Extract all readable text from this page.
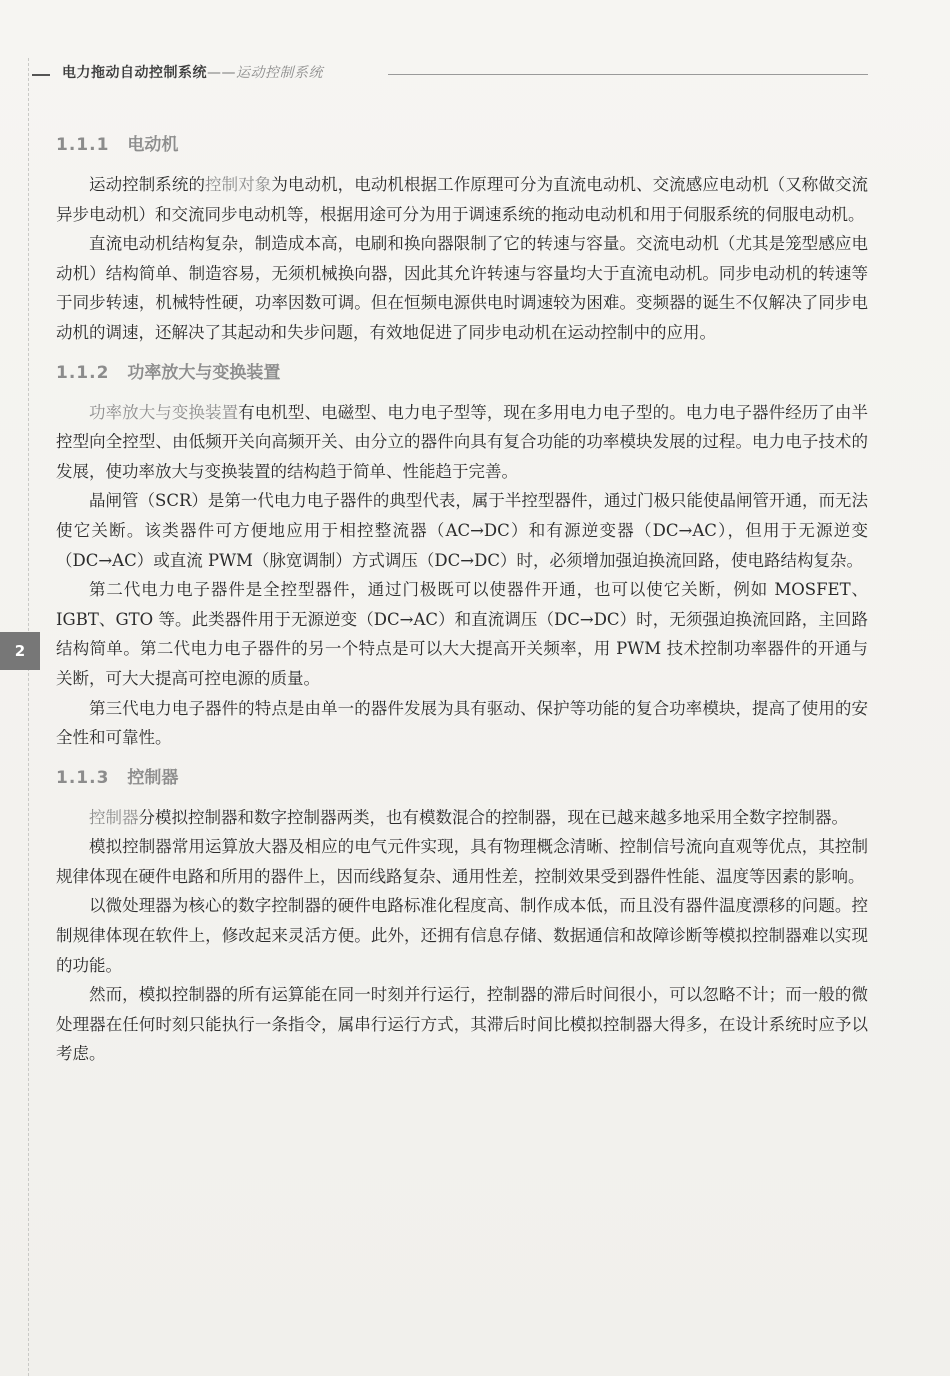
电力拖动自动控制系统——运动控制系统
2
1.1.1 电动机

运动控制系统的控制对象为电动机，电动机根据工作原理可分为直流电动机、交流感应电动机（又称做交流异步电动机）和交流同步电动机等，根据用途可分为用于调速系统的拖动电动机和用于伺服系统的伺服电动机。

直流电动机结构复杂，制造成本高，电刷和换向器限制了它的转速与容量。交流电动机（尤其是笼型感应电动机）结构简单、制造容易，无须机械换向器，因此其允许转速与容量均大于直流电动机。同步电动机的转速等于同步转速，机械特性硬，功率因数可调。但在恒频电源供电时调速较为困难。变频器的诞生不仅解决了同步电动机的调速，还解决了其起动和失步问题，有效地促进了同步电动机在运动控制中的应用。

1.1.2 功率放大与变换装置

功率放大与变换装置有电机型、电磁型、电力电子型等，现在多用电力电子型的。电力电子器件经历了由半控型向全控型、由低频开关向高频开关、由分立的器件向具有复合功能的功率模块发展的过程。电力电子技术的发展，使功率放大与变换装置的结构趋于简单、性能趋于完善。

晶闸管（SCR）是第一代电力电子器件的典型代表，属于半控型器件，通过门极只能使晶闸管开通，而无法使它关断。该类器件可方便地应用于相控整流器（AC→DC）和有源逆变器（DC→AC），但用于无源逆变（DC→AC）或直流 PWM（脉宽调制）方式调压（DC→DC）时，必须增加强迫换流回路，使电路结构复杂。

第二代电力电子器件是全控型器件，通过门极既可以使器件开通，也可以使它关断，例如 MOSFET、IGBT、GTO 等。此类器件用于无源逆变（DC→AC）和直流调压（DC→DC）时，无须强迫换流回路，主回路结构简单。第二代电力电子器件的另一个特点是可以大大提高开关频率，用 PWM 技术控制功率器件的开通与关断，可大大提高可控电源的质量。

第三代电力电子器件的特点是由单一的器件发展为具有驱动、保护等功能的复合功率模块，提高了使用的安全性和可靠性。

1.1.3 控制器

控制器分模拟控制器和数字控制器两类，也有模数混合的控制器，现在已越来越多地采用全数字控制器。

模拟控制器常用运算放大器及相应的电气元件实现，具有物理概念清晰、控制信号流向直观等优点，其控制规律体现在硬件电路和所用的器件上，因而线路复杂、通用性差，控制效果受到器件性能、温度等因素的影响。

以微处理器为核心的数字控制器的硬件电路标准化程度高、制作成本低，而且没有器件温度漂移的问题。控制规律体现在软件上，修改起来灵活方便。此外，还拥有信息存储、数据通信和故障诊断等模拟控制器难以实现的功能。

然而，模拟控制器的所有运算能在同一时刻并行运行，控制器的滞后时间很小，可以忽略不计；而一般的微处理器在任何时刻只能执行一条指令，属串行运行方式，其滞后时间比模拟控制器大得多，在设计系统时应予以考虑。
